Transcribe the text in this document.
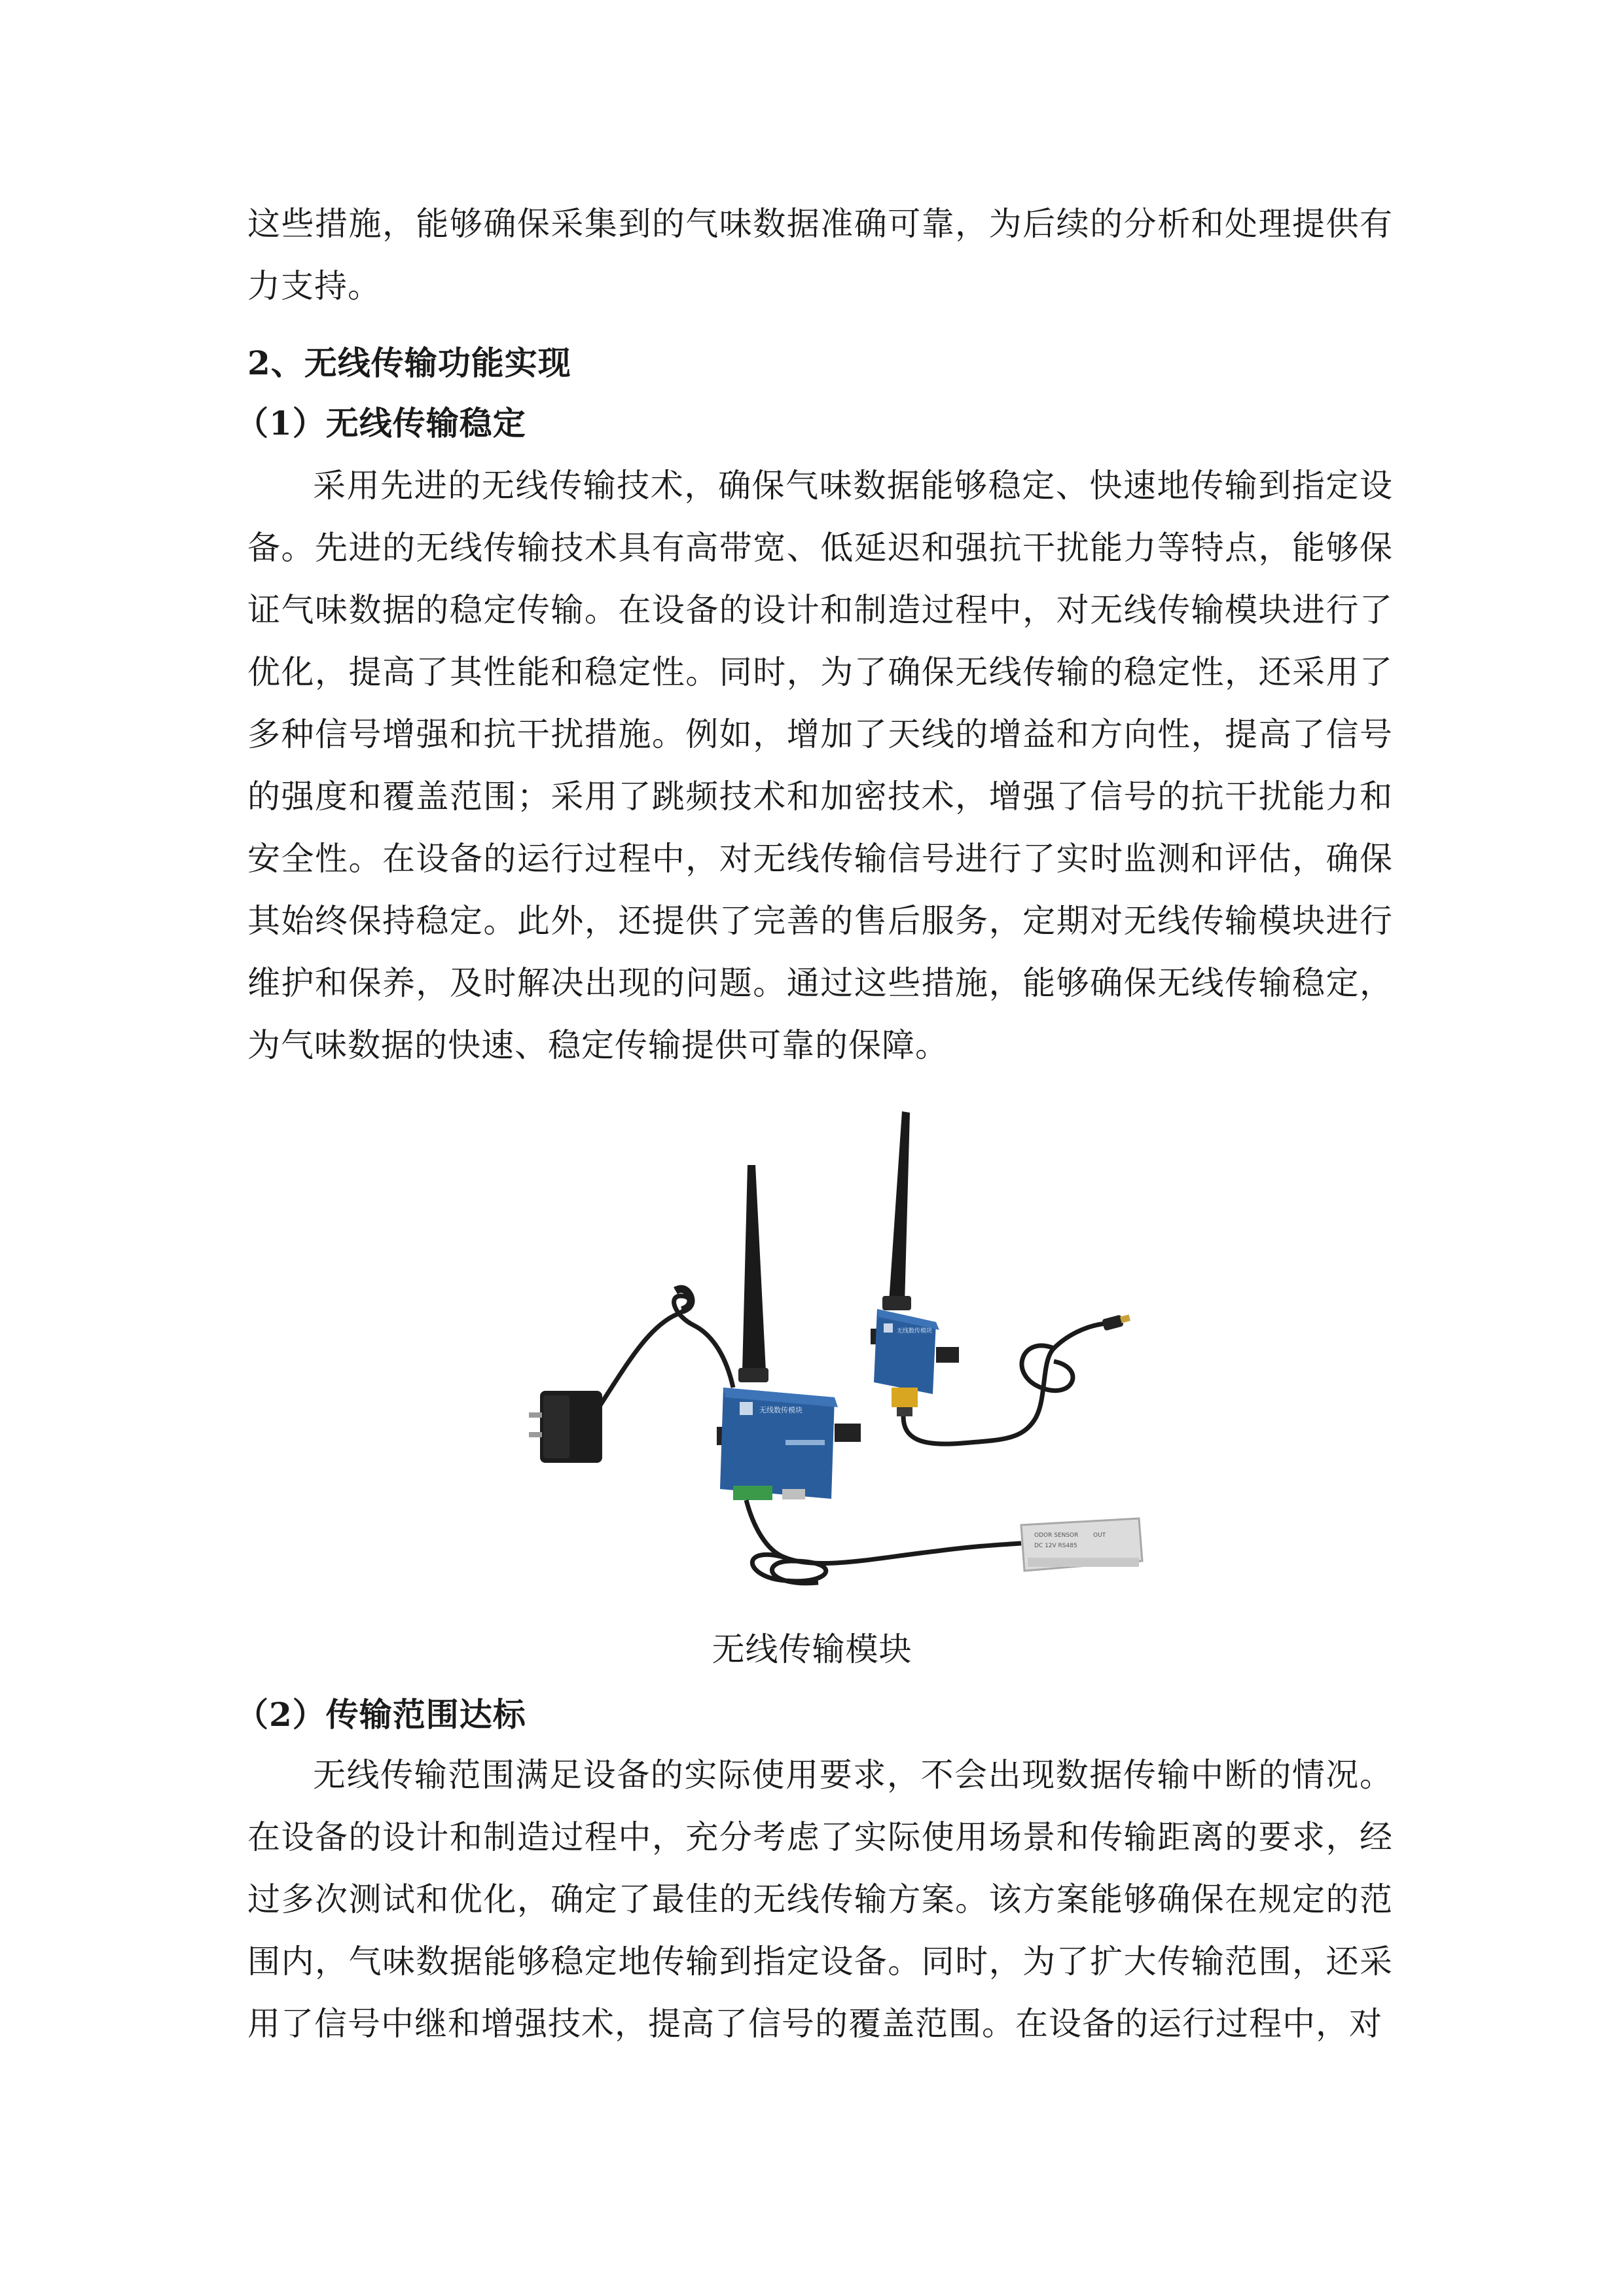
这些措施，能够确保采集到的气味数据准确可靠，为后续的分析和处理提供有力支持。

2、无线传输功能实现
（1）无线传输稳定

采用先进的无线传输技术，确保气味数据能够稳定、快速地传输到指定设备。先进的无线传输技术具有高带宽、低延迟和强抗干扰能力等特点，能够保证气味数据的稳定传输。在设备的设计和制造过程中，对无线传输模块进行了优化，提高了其性能和稳定性。同时，为了确保无线传输的稳定性，还采用了多种信号增强和抗干扰措施。例如，增加了天线的增益和方向性，提高了信号的强度和覆盖范围；采用了跳频技术和加密技术，增强了信号的抗干扰能力和安全性。在设备的运行过程中，对无线传输信号进行了实时监测和评估，确保其始终保持稳定。此外，还提供了完善的售后服务，定期对无线传输模块进行维护和保养，及时解决出现的问题。通过这些措施，能够确保无线传输稳定，为气味数据的快速、稳定传输提供可靠的保障。

无线数传模块
ODOR SENSOR
DC 12V RS485
OUT
无线数传模块

无线传输模块

（2）传输范围达标

无线传输范围满足设备的实际使用要求，不会出现数据传输中断的情况。在设备的设计和制造过程中，充分考虑了实际使用场景和传输距离的要求，经过多次测试和优化，确定了最佳的无线传输方案。该方案能够确保在规定的范围内，气味数据能够稳定地传输到指定设备。同时，为了扩大传输范围，还采用了信号中继和增强技术，提高了信号的覆盖范围。在设备的运行过程中，对
